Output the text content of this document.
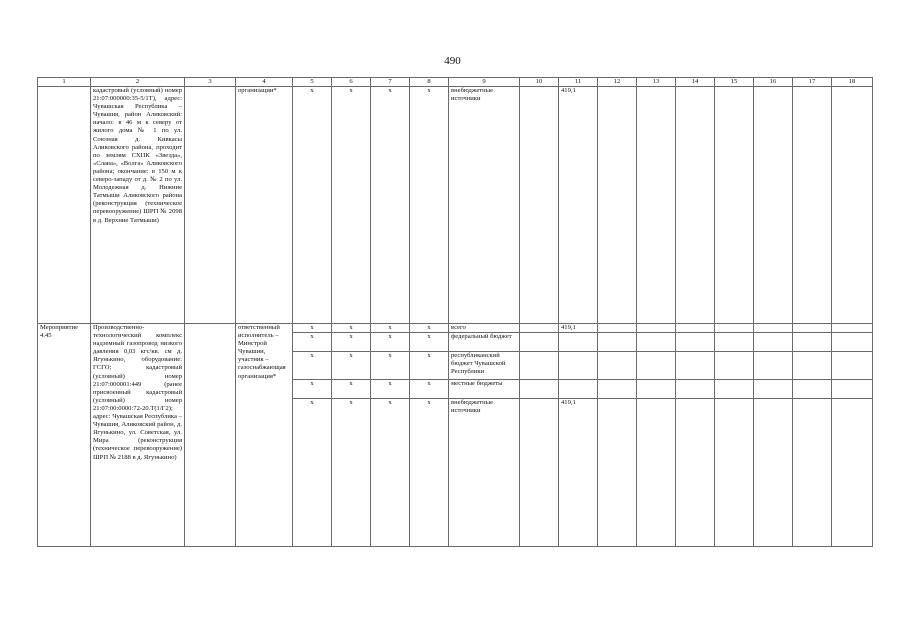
490
1	2	3	4	5	6	7	8	9	10	11	12	13	14	15	16	17	18
	кадастровый (условный) номер 21:07:000000:35-5/1Т), адрес: Чувашская Республика – Чувашия, район Аликовский: начало: в 46 м к северу от жилого дома № 1 по ул. Союзная д. Кивкасы Аликовского района, проходит по землям СХПК «Звезда», «Слава», «Волга» Аликовского района; окончание: в 150 м к северо-западу от д. № 2 по ул. Молодежная д. Нижние Татмыши Аликовского района (реконструкция (техническое перевооружение) ШРП № 2098 в д. Верхние Татмыши)		организации*	х	х	х	х	внебюджетные источники		419,1							
Мероприятие 4.45	Производственно-технологический комплекс надземный газопровод низкого давления 0,03 кгс/кв. см д. Ягунькино, оборудование: ГСГО; кадастровый (условный) номер 21:07:000001:449 (ранее присвоенный кадастровый (условный) номер 21:07:00:0000:72-20.Т(1/Г2); адрес: Чувашская Республика – Чувашия, Аликовский район, д. Ягунькино, ул. Советская, ул. Мира (реконструкция (техническое перевооружение) ШРП № 2188 в д. Ягунькино)		ответственный исполнитель – Минстрой Чувашии, участник – газоснабжающая организация*	х	х	х	х	всего		419,1							
				х	х	х	х	федеральный бюджет									
				х	х	х	х	республиканский бюджет Чувашской Республики									
				х	х	х	х	местные бюджеты									
				х	х	х	х	внебюджетные источники		419,1							
